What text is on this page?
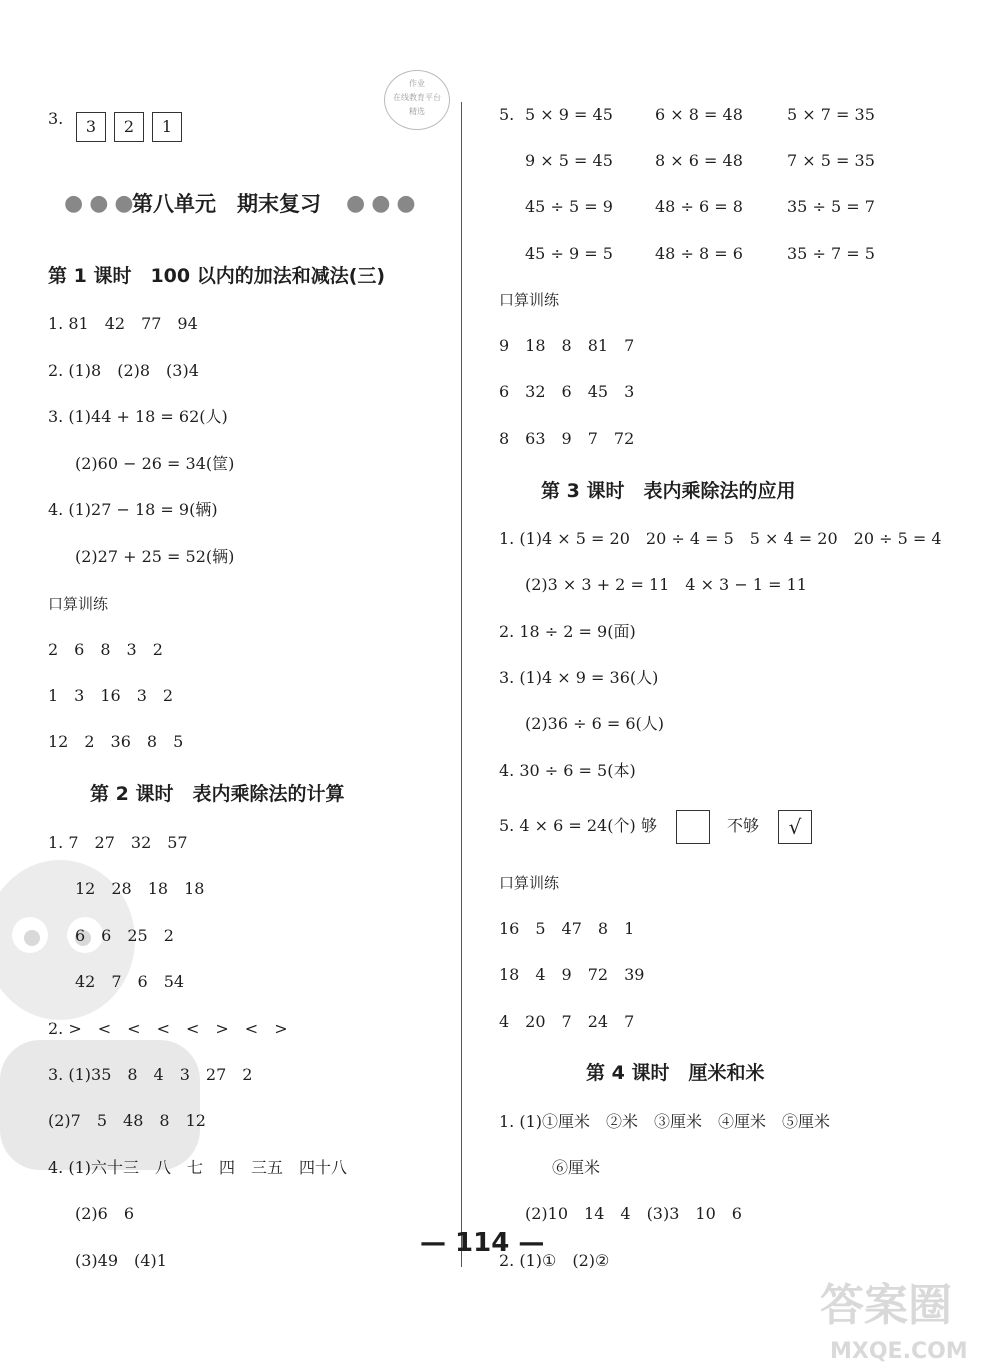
作业
在线教育平台
精选
答案圈
MXQE.COM
3.	3	2	1
●●●
第八单元　期末复习 ●●●
第 1 课时　100 以内的加法和减法(三)
1. 81　42　77　94
2. (1)8　(2)8　(3)4
3. (1)44 + 18 = 62(人)
(2)60 − 26 = 34(筐)
4. (1)27 − 18 = 9(辆)
(2)27 + 25 = 52(辆)
口算训练
2　6　8　3　2
1　3　16　3　2
12　2　36　8　5
第 2 课时　表内乘除法的计算
1. 7　27　32　57
12　28　18　18
6　6　25　2
42　7　6　54
2. >　<　<　<　<　>　<　>
3. (1)35　8　4　3　27　2
(2)7　5　48　8　12
4. (1)六十三　八　七　四　三五　四十八
(2)6　6
(3)49　(4)1
5. 5 × 9 = 45	6 × 8 = 48	5 × 7 = 35
9 × 5 = 45	8 × 6 = 48	7 × 5 = 35
45 ÷ 5 = 9	48 ÷ 6 = 8	35 ÷ 5 = 7
45 ÷ 9 = 5	48 ÷ 8 = 6	35 ÷ 7 = 5
口算训练
9　18　8　81　7
6　32　6　45　3
8　63　9　7　72
第 3 课时　表内乘除法的应用
1. (1)4 × 5 = 20　20 ÷ 4 = 5　5 × 4 = 20　20 ÷ 5 = 4
(2)3 × 3 + 2 = 11　4 × 3 − 1 = 11
2. 18 ÷ 2 = 9(面)
3. (1)4 × 9 = 36(人)
(2)36 ÷ 6 = 6(人)
4. 30 ÷ 6 = 5(本)
5. 4 × 6 = 24(个) 够	不够	√
口算训练
16　5　47　8　1
18　4　9　72　39
4　20　7　24　7
第 4 课时　厘米和米
1. (1)①厘米　②米　③厘米　④厘米　⑤厘米
⑥厘米
(2)10　14　4　(3)3　10　6
2. (1)①　(2)②
— 114 —
